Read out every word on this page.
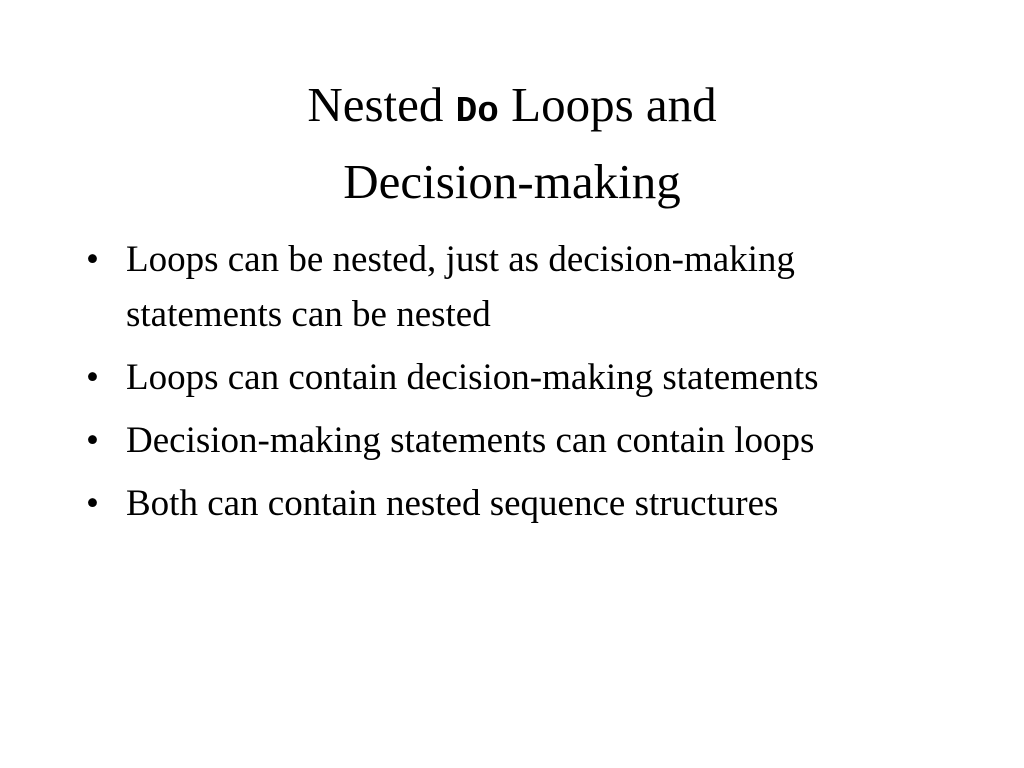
Nested Do Loops and
Decision-making
• Loops can be nested, just as decision-making statements can be nested
• Loops can contain decision-making statements
• Decision-making statements can contain loops
• Both can contain nested sequence structures
